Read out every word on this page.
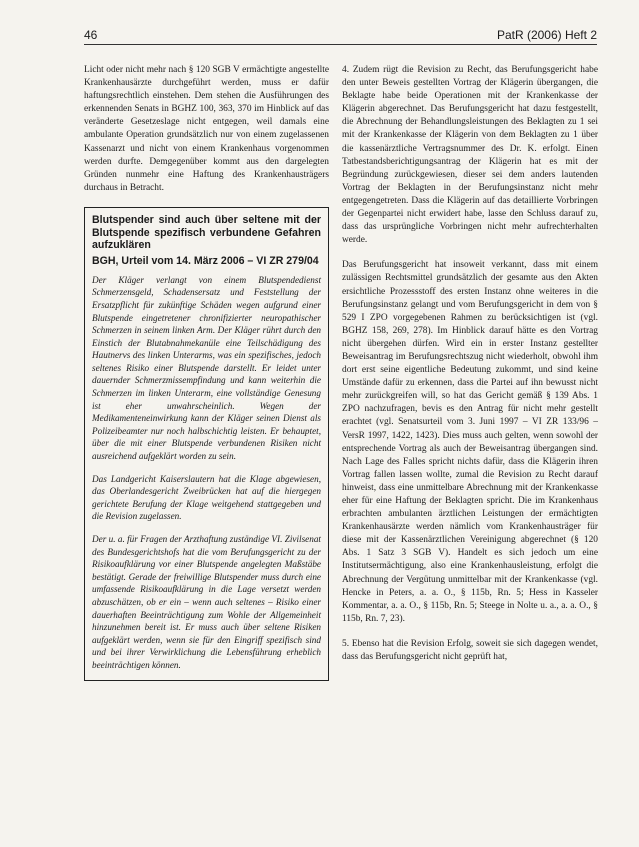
46	PatR (2006) Heft 2

Licht oder nicht mehr nach § 120 SGB V ermächtigte angestellte Krankenhausärzte durchgeführt werden, muss er dafür haftungsrechtlich einstehen. Dem stehen die Ausführungen des erkennenden Senats in BGHZ 100, 363, 370 im Hinblick auf das veränderte Gesetzeslage nicht entgegen, weil damals eine ambulante Operation grundsätzlich nur von einem zugelassenen Kassenarzt und nicht von einem Krankenhaus vorgenommen werden durfte. Demgegenüber kommt aus den dargelegten Gründen nunmehr eine Haftung des Krankenhausträgers durchaus in Betracht.

Blutspender sind auch über seltene mit der Blutspende spezifisch verbundene Gefahren aufzuklären
BGH, Urteil vom 14. März 2006 – VI ZR 279/04

Der Kläger verlangt von einem Blutspendedienst Schmerzensgeld, Schadensersatz und Feststellung der Ersatzpflicht für zukünftige Schäden wegen aufgrund einer Blutspende eingetretener chronifizierter neuropathischer Schmerzen in seinem linken Arm. Der Kläger rührt durch den Einstich der Blutabnahmekanüle eine Teilschädigung des Hautnervs des linken Unterarms, was ein spezifisches, jedoch seltenes Risiko einer Blutspende darstellt. Er leidet unter dauernder Schmerzmissempfindung und kann weiterhin die Schmerzen im linken Unterarm, eine vollständige Genesung ist eher unwahrscheinlich. Wegen der Medikamenteneinwirkung kann der Kläger seinen Dienst als Polizeibeamter nur noch halbschichtig leisten. Er behauptet, über die mit einer Blutspende verbundenen Risiken nicht ausreichend aufgeklärt worden zu sein.

Das Landgericht Kaiserslautern hat die Klage abgewiesen, das Oberlandesgericht Zweibrücken hat auf die hiergegen gerichtete Berufung der Klage weitgehend stattgegeben und die Revision zugelassen.

Der u. a. für Fragen der Arzthaftung zuständige VI. Zivilsenat des Bundesgerichtshofs hat die vom Berufungsgericht zu der Risikoaufklärung vor einer Blutspende angelegten Maßstäbe bestätigt. Gerade der freiwillige Blutspender muss durch eine umfassende Risikoaufklärung in die Lage versetzt werden abzuschätzen, ob er ein – wenn auch seltenes – Risiko einer dauerhaften Beeinträchtigung zum Wohle der Allgemeinheit hinzunehmen bereit ist. Er muss auch über seltene Risiken aufgeklärt werden, wenn sie für den Eingriff spezifisch sind und bei ihrer Verwirklichung die Lebensführung erheblich beeinträchtigen können.

4. Zudem rügt die Revision zu Recht, das Berufungsgericht habe den unter Beweis gestellten Vortrag der Klägerin übergangen, die Beklagte habe beide Operationen mit der Krankenkasse der Klägerin abgerechnet. Das Berufungsgericht hat dazu festgestellt, die Abrechnung der Behandlungsleistungen des Beklagten zu 1 sei mit der Krankenkasse der Klägerin von dem Beklagten zu 1 über die kassenärztliche Vertragsnummer des Dr. K. erfolgt. Einen Tatbestandsberichtigungsantrag der Klägerin hat es mit der Begründung zurückgewiesen, dieser sei dem anders lautenden Vortrag der Beklagten in der Berufungsinstanz nicht mehr entgegengetreten. Dass die Klägerin auf das detaillierte Vorbringen der Gegenpartei nicht erwidert habe, lasse den Schluss darauf zu, dass das ursprüngliche Vorbringen nicht mehr aufrechterhalten werde.

Das Berufungsgericht hat insoweit verkannt, dass mit einem zulässigen Rechtsmittel grundsätzlich der gesamte aus den Akten ersichtliche Prozessstoff des ersten Instanz ohne weiteres in die Berufungsinstanz gelangt und vom Berufungsgericht in dem von § 529 I ZPO vorgegebenen Rahmen zu berücksichtigen ist (vgl. BGHZ 158, 269, 278). Im Hinblick darauf hätte es den Vortrag nicht übergehen dürfen. Wird ein in erster Instanz gestellter Beweisantrag im Berufungsrechtszug nicht wiederholt, obwohl ihm dort erst seine eigentliche Bedeutung zukommt, und sind keine Umstände dafür zu erkennen, dass die Partei auf ihn bewusst nicht mehr zurückgreifen will, so hat das Gericht gemäß § 139 Abs. 1 ZPO nachzufragen, bevis es den Antrag für nicht mehr gestellt erachtet (vgl. Senatsurteil vom 3. Juni 1997 – VI ZR 133/96 – VersR 1997, 1422, 1423). Dies muss auch gelten, wenn sowohl der entsprechende Vortrag als auch der Beweisantrag übergangen sind. Nach Lage des Falles spricht nichts dafür, dass die Klägerin ihren Vortrag fallen lassen wollte, zumal die Revision zu Recht darauf hinweist, dass eine unmittelbare Abrechnung mit der Krankenkasse eher für eine Haftung der Beklagten spricht. Die im Krankenhaus erbrachten ambulanten ärztlichen Leistungen der ermächtigten Krankenhausärzte werden nämlich vom Krankenhausträger für diese mit der Kassenärztlichen Vereinigung abgerechnet (§ 120 Abs. 1 Satz 3 SGB V). Handelt es sich jedoch um eine Institutsermächtigung, also eine Krankenhausleistung, erfolgt die Abrechnung der Vergütung unmittelbar mit der Krankenkasse (vgl. Hencke in Peters, a. a. O., § 115b, Rn. 5; Hess in Kasseler Kommentar, a. a. O., § 115b, Rn. 5; Steege in Nolte u. a., a. a. O., § 115b, Rn. 7, 23).

5. Ebenso hat die Revision Erfolg, soweit sie sich dagegen wendet, dass das Berufungsgericht nicht geprüft hat,
